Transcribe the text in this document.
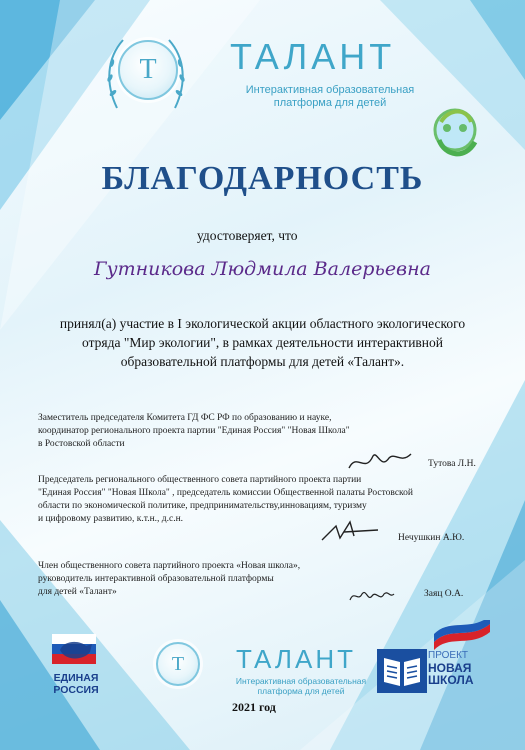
Т ТАЛАНТ
Интерактивная образовательная
платформа для детей
БЛАГОДАРНОСТЬ
удостоверяет, что
Гутникова Людмила Валерьевна
принял(а) участие в I экологической акции областного экологического
отряда "Мир экологии", в рамках деятельности интерактивной
образовательной платформы для детей «Талант».
Заместитель председателя Комитета ГД ФС РФ по образованию и науке,
координатор регионального проекта партии "Единая Россия" "Новая Школа"
в Ростовской области
Тутова Л.Н.
Председатель регионального общественного совета партийного проекта партии
"Единая Россия" "Новая Школа" , председатель комиссии Общественной палаты Ростовской
области по экономической политике, предпринимательству,инновациям, туризму
и цифровому развитию, к.т.н., д.с.н.
Нечушкин А.Ю.
Член общественного совета партийного проекта «Новая школа»,
руководитель интерактивной образовательной платформы
для детей «Талант»	Заяц О.А.
ЕДИНАЯ
РОССИЯ
Т ТАЛАНТ
Интерактивная образовательная
платформа для детей
2021 год
ПРОЕКТ
НОВАЯ
ШКОЛА
